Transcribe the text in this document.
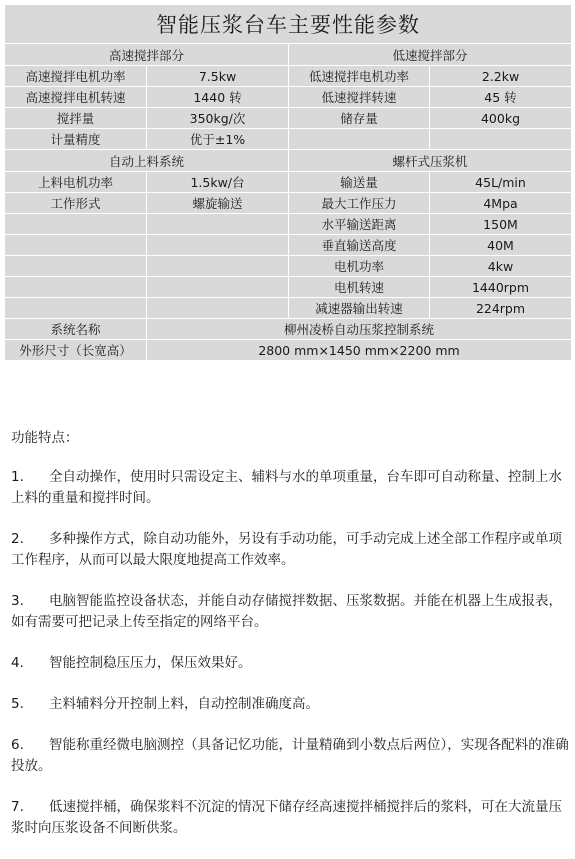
智能压浆台车主要性能参数			
高速搅拌部分		低速搅拌部分	
高速搅拌电机功率	7.5kw	低速搅拌电机功率	2.2kw
高速搅拌电机转速	1440 转	低速搅拌转速	45 转
搅拌量	350kg/次	储存量	400kg
计量精度	优于±1%		
自动上料系统		螺杆式压浆机	
上料电机功率	1.5kw/台	输送量	45L/min
工作形式	螺旋输送	最大工作压力	4Mpa
		水平输送距离	150M
		垂直输送高度	40M
		电机功率	4kw
		电机转速	1440rpm
		减速器输出转速	224rpm
系统名称	柳州凌桥自动压浆控制系统		
外形尺寸（长宽高）	2800 mm×1450 mm×2200 mm		
功能特点：
1. 全自动操作，使用时只需设定主、辅料与水的单项重量，台车即可自动称量、控制上水上料的重量和搅拌时间。
2. 多种操作方式，除自动功能外，另设有手动功能，可手动完成上述全部工作程序或单项工作程序，从而可以最大限度地提高工作效率。
3. 电脑智能监控设备状态，并能自动存储搅拌数据、压浆数据。并能在机器上生成报表，如有需要可把记录上传至指定的网络平台。
4. 智能控制稳压压力，保压效果好。
5. 主料辅料分开控制上料，自动控制准确度高。
6. 智能称重经微电脑测控（具备记忆功能，计量精确到小数点后两位），实现各配料的准确投放。
7. 低速搅拌桶，确保浆料不沉淀的情况下储存经高速搅拌桶搅拌后的浆料，可在大流量压浆时向压浆设备不间断供浆。
